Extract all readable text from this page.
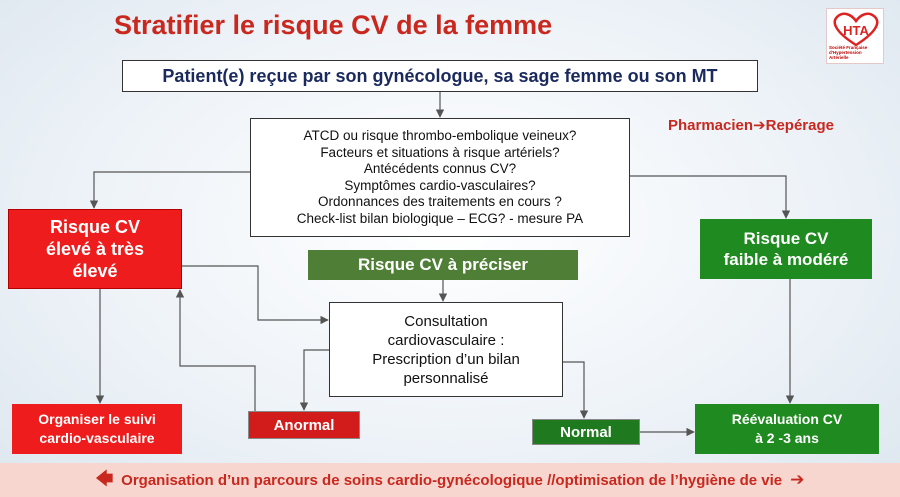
Stratifier le risque CV de la femme	HTA
Société Française d'Hypertension Artérielle
Patient(e) reçue par son gynécologue, sa sage femme ou son MT
Pharmacien➔Repérage
ATCD ou risque thrombo-embolique veineux?
Facteurs et situations à risque artériels?
Antécédents connus CV?
Symptômes cardio-vasculaires?
Ordonnances des traitements en cours ?
Check-list bilan biologique – ECG? - mesure PA
Risque CV
élevé à très
élevé
Risque CV
faible à modéré
Risque CV à préciser
Consultation
cardiovasculaire :
Prescription d’un bilan
personnalisé
Organiser le suivi
cardio-vasculaire
Anormal	Normal
Réévaluation CV
à 2 -3 ans
🡄 Organisation d’un parcours de soins cardio-gynécologique //optimisation de l’hygiène de vie ➔
